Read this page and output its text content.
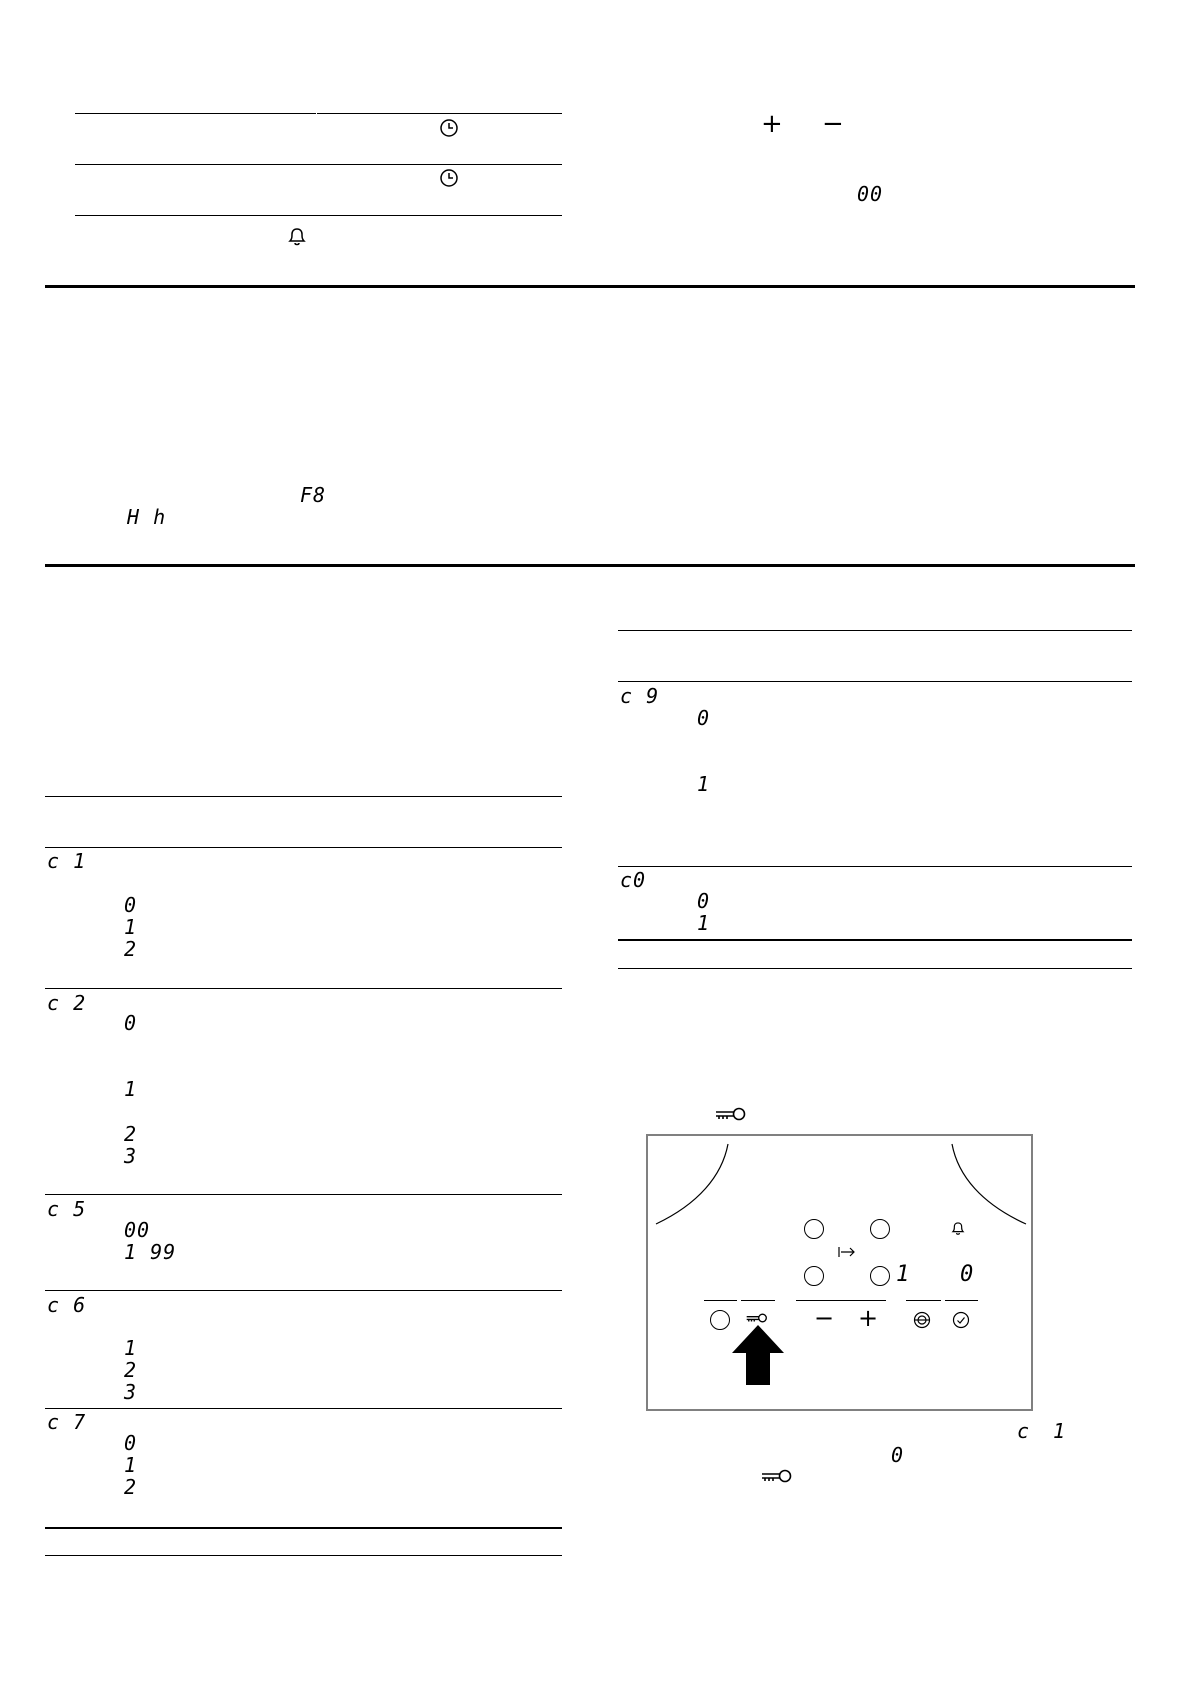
+ −
00
F8
H h
c 1
0
1
2
c 2
0
1
2
3
c 5
00
1 99
c 6
1
2
3
c 7
0
1
2
c 9
0
1
c0
0
1
1 0
− +
c 1
0
